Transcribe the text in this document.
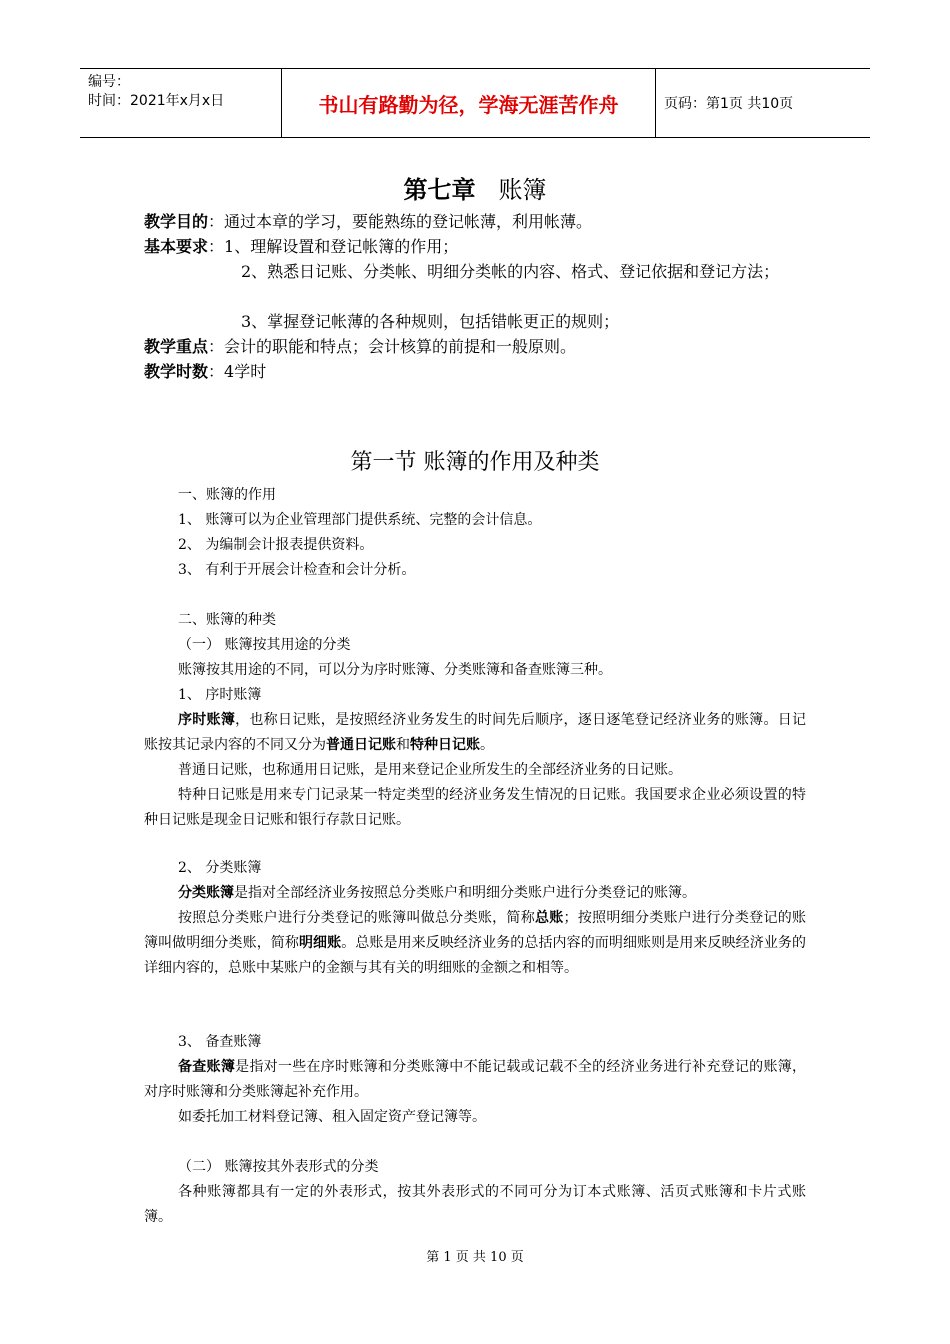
编号：
时间：2021年x月x日	书山有路勤为径，学海无涯苦作舟	页码：第1页 共10页
第七章 账簿
教学目的：通过本章的学习，要能熟练的登记帐薄，利用帐薄。
基本要求：1、理解设置和登记帐簿的作用；
2、熟悉日记账、分类帐、明细分类帐的内容、格式、登记依据和登记方法；
3、掌握登记帐薄的各种规则，包括错帐更正的规则；
教学重点：会计的职能和特点；会计核算的前提和一般原则。
教学时数：4学时
第一节 账簿的作用及种类
一、账簿的作用
1、 账簿可以为企业管理部门提供系统、完整的会计信息。
2、 为编制会计报表提供资料。
3、 有利于开展会计检查和会计分析。
二、账簿的种类
（一） 账簿按其用途的分类
账簿按其用途的不同，可以分为序时账簿、分类账簿和备查账簿三种。
1、 序时账簿
序时账簿，也称日记账，是按照经济业务发生的时间先后顺序，逐日逐笔登记经济业务的账簿。日记账按其记录内容的不同又分为普通日记账和特种日记账。
普通日记账，也称通用日记账，是用来登记企业所发生的全部经济业务的日记账。
特种日记账是用来专门记录某一特定类型的经济业务发生情况的日记账。我国要求企业必须设置的特种日记账是现金日记账和银行存款日记账。
2、 分类账簿
分类账簿是指对全部经济业务按照总分类账户和明细分类账户进行分类登记的账簿。
按照总分类账户进行分类登记的账簿叫做总分类账，简称总账；按照明细分类账户进行分类登记的账簿叫做明细分类账，简称明细账。总账是用来反映经济业务的总括内容的而明细账则是用来反映经济业务的详细内容的，总账中某账户的金额与其有关的明细账的金额之和相等。
3、 备查账簿
备查账簿是指对一些在序时账簿和分类账簿中不能记载或记载不全的经济业务进行补充登记的账簿，对序时账簿和分类账簿起补充作用。
如委托加工材料登记簿、租入固定资产登记簿等。
（二） 账簿按其外表形式的分类
各种账簿都具有一定的外表形式，按其外表形式的不同可分为订本式账簿、活页式账簿和卡片式账簿。
第 1 页 共 10 页
